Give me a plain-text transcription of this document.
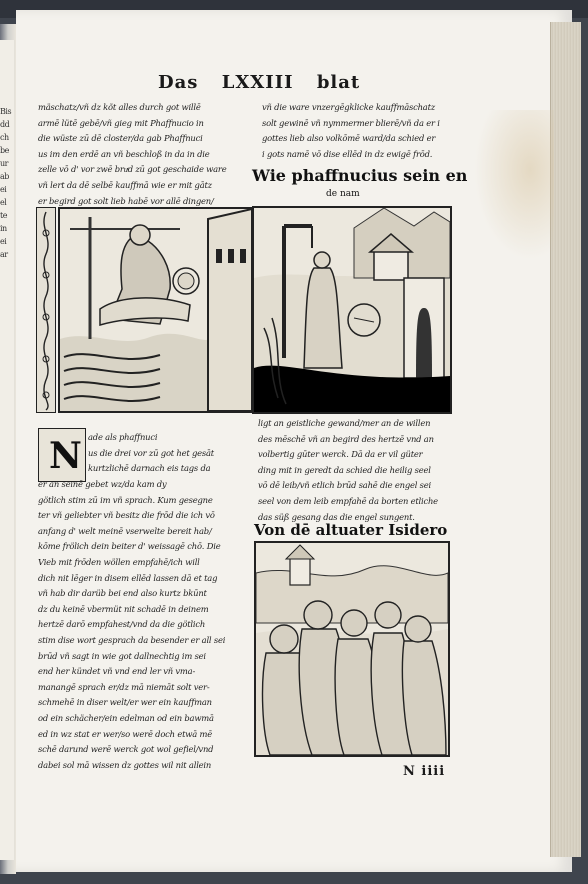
Bis
dd
ch
be
ur
ab
ei
el
te
in
ei
ar
Das LXXIII blat
mäschatz/vñ dz kõt alles durch got willē
armē lütē gebē/vñ gieg mit Phaffnucio in
die wüste zū dē closter/da gab Phaffnuci
us im den erdē an vñ beschloß in da in die
zelle vō d' vor zwē bruͤd zū got geschaide ware
vñ lert da dē selbē kauffmā wie er mit gātz
er begird got solt lieb habē vor allē dingen/
vñ die ware vnzergēgklicke kauffmāschatz
solt gewinē vñ nymmermer blierē/vñ da er i
gottes lieb also volkōmē ward/da schied er
i gots namē vō dise ellēd in dz ewigē frōd.
Wie phaffnucius sein en
de nam
N ade als phaffnuci
us die drei vor zū got het gesāt
kurtzlichē darnach eis tags da
er an seinē gebet wz/da kam dy
götlich stim zū im vñ sprach. Kum gesegne
ter vñ geliebter vñ besitz die frōd die ich vō
anfang d' welt meinē vserwelte bereit hab/
kōme frölich dein beiter d' weissagē chō. Die
Vieb mit frōden wöllen empfahē/ich will
dich nit lēger in disem ellēd lassen dā et tag
vñ hab dir darüb bei end also kurtz bkūnt
dz du keinē vbermüt nit schadē in deinem
hertzē darō empfahest/vnd da die götlich
stim dise wort gesprach da besender er all sei
brūd vñ sagt in wie got dallnechtig im sei
end her kündet vñ vnd end ler vñ vma-
manangē sprach er/dz mā niemāt solt ver-
schmehē in diser welt/er wer ein kauffman
od ein schächer/ein edelman od ein bawmā
ed in wz stat er wer/so werē doch etwā mē
schē darund werē werck got wol gefiel/vnd
dabei sol mā wissen dz gottes wil nit allein
ligt an geistliche gewand/mer an de willen
des mēschē vñ an begird des hertzē vnd an
volbertig gūter werck. Dā da er vil güter
ding mit in geredt da schied die heilig seel
vō dē leib/vñ etlich brūd sahē die engel sei
seel von dem leib empfahē da borten etliche
das süß gesang das die engel sungent.
Von dē altuater Isidero
N iiii
